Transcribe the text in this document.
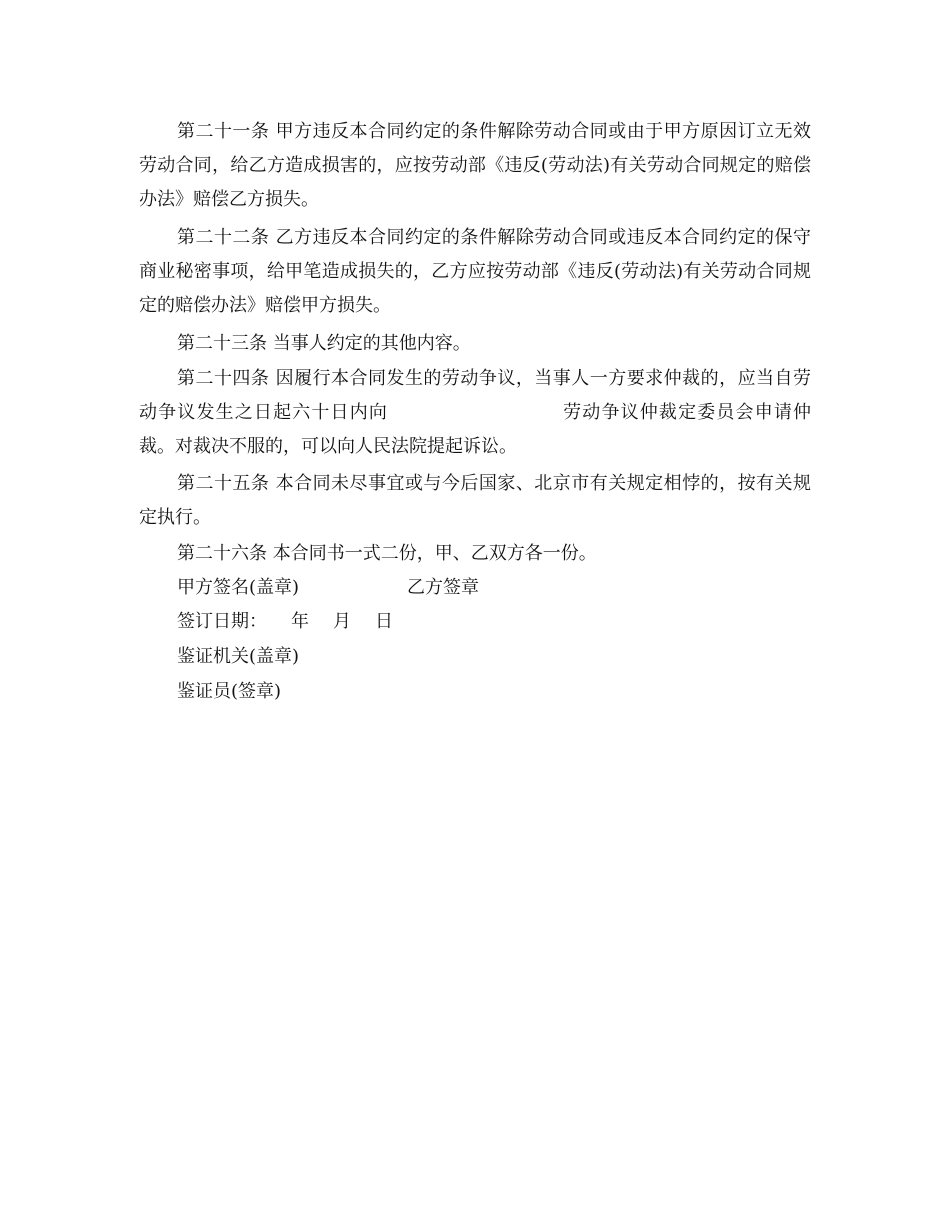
第二十一条 甲方违反本合同约定的条件解除劳动合同或由于甲方原因订立无效劳动合同，给乙方造成损害的，应按劳动部《违反(劳动法)有关劳动合同规定的赔偿办法》赔偿乙方损失。

第二十二条 乙方违反本合同约定的条件解除劳动合同或违反本合同约定的保守商业秘密事项，给甲笔造成损失的，乙方应按劳动部《违反(劳动法)有关劳动合同规定的赔偿办法》赔偿甲方损失。

第二十三条 当事人约定的其他内容。

第二十四条 因履行本合同发生的劳动争议，当事人一方要求仲裁的，应当自劳动争议发生之日起六十日内向	劳动争议仲裁定委员会申请仲裁。对裁决不服的，可以向人民法院提起诉讼。

第二十五条 本合同未尽事宜或与今后国家、北京市有关规定相悖的，按有关规定执行。

第二十六条 本合同书一式二份，甲、乙双方各一份。

甲方签名(盖章)	乙方签章

签订日期： 年 月 日

鉴证机关(盖章)

鉴证员(签章)
